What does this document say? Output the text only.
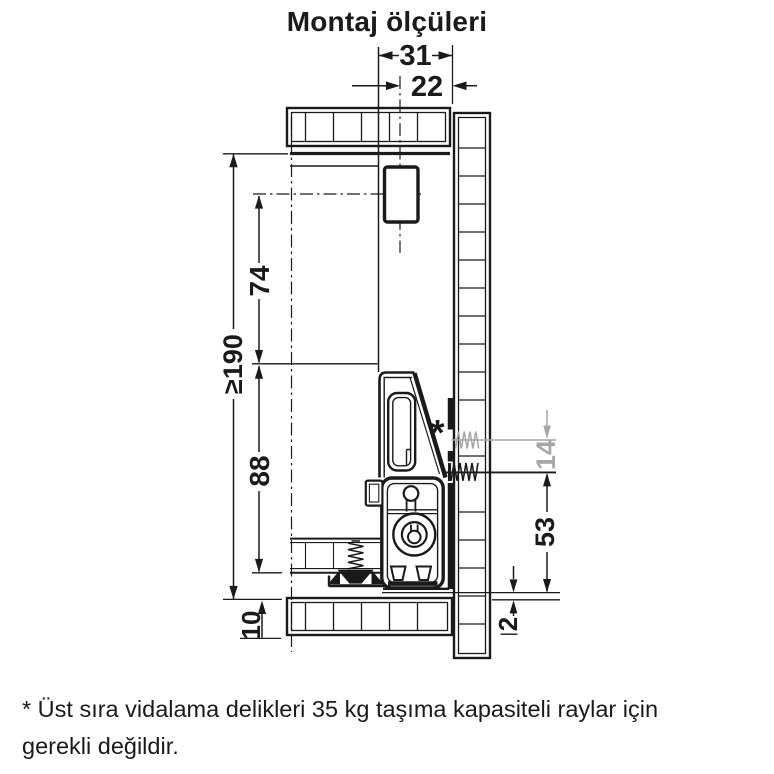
Montaj ölçüleri
31
22
≥190
74
88
10
53
14
2
*
* Üst sıra vidalama delikleri 35 kg taşıma kapasiteli raylar için
gerekli değildir.
